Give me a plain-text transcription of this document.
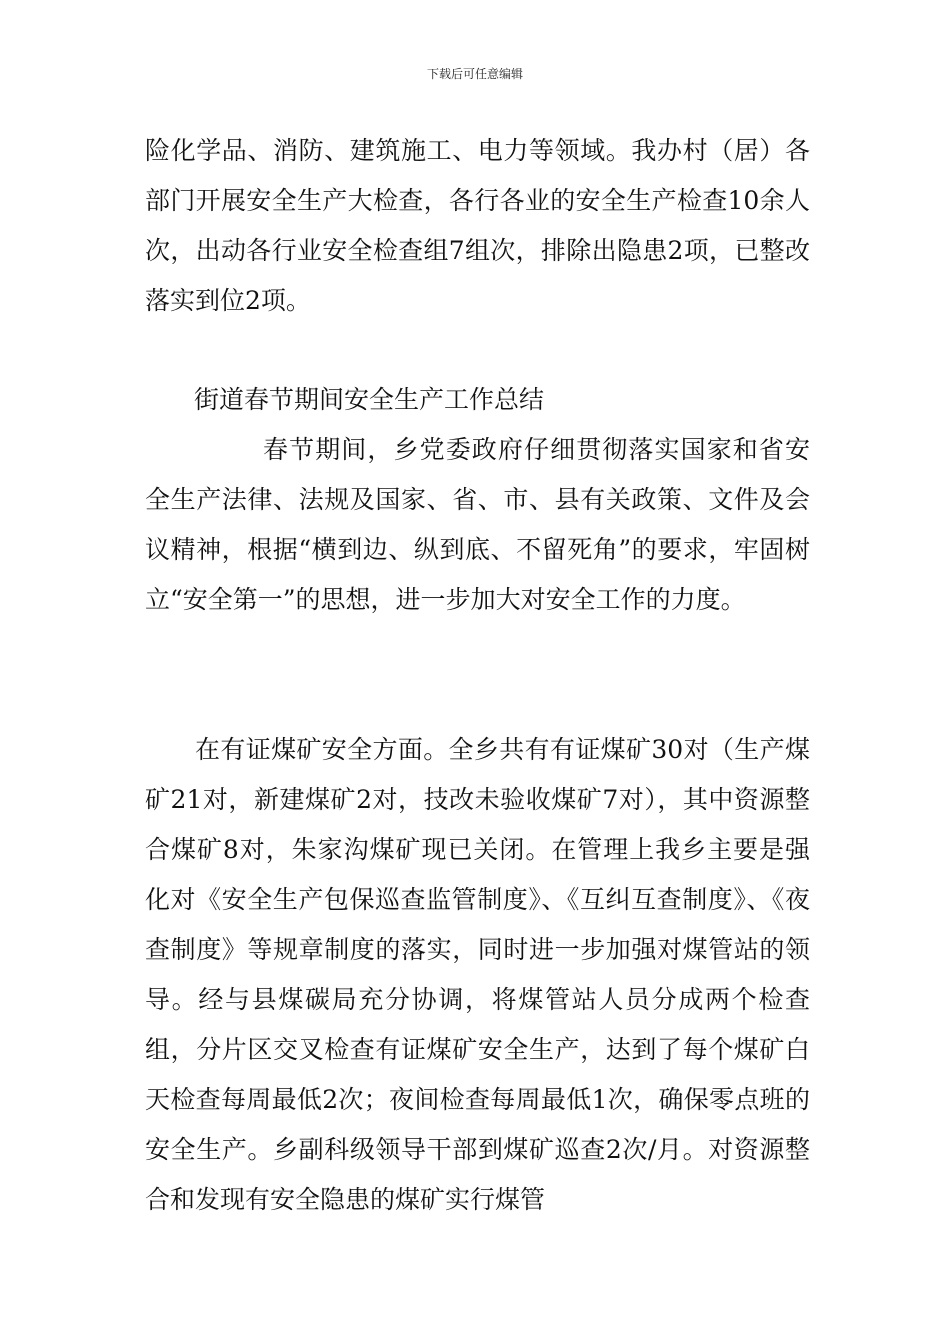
下载后可任意编辑

险化学品、消防、建筑施工、电力等领域。我办村（居）各部门开展安全生产大检查，各行各业的安全生产检查10余人次，出动各行业安全检查组7组次，排除出隐患2项，已整改落实到位2项。

街道春节期间安全生产工作总结

春节期间，乡党委政府仔细贯彻落实国家和省安全生产法律、法规及国家、省、市、县有关政策、文件及会议精神，根据“横到边、纵到底、不留死角”的要求，牢固树立“安全第一”的思想，进一步加大对安全工作的力度。

在有证煤矿安全方面。全乡共有有证煤矿30对（生产煤矿21对，新建煤矿2对，技改未验收煤矿7对），其中资源整合煤矿8对，朱家沟煤矿现已关闭。在管理上我乡主要是强化对《安全生产包保巡查监管制度》、《互纠互查制度》、《夜查制度》等规章制度的落实，同时进一步加强对煤管站的领导。经与县煤碳局充分协调，将煤管站人员分成两个检查组，分片区交叉检查有证煤矿安全生产，达到了每个煤矿白天检查每周最低2次；夜间检查每周最低1次，确保零点班的安全生产。乡副科级领导干部到煤矿巡查2次/月。对资源整合和发现有安全隐患的煤矿实行煤管
